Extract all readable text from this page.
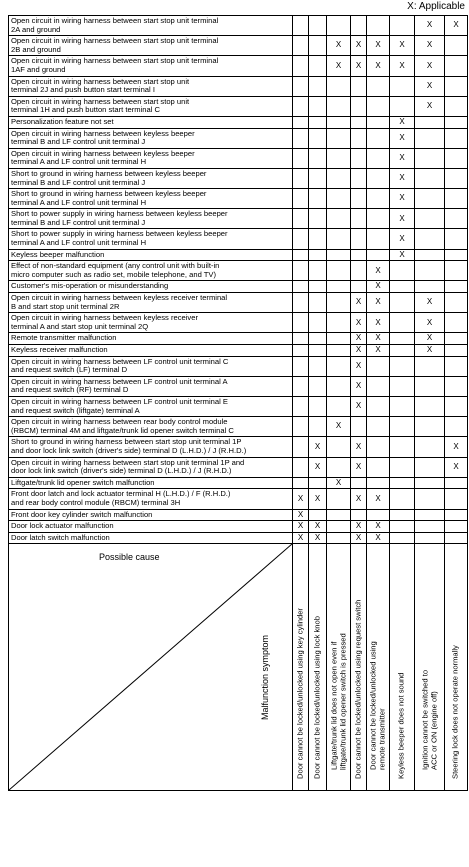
X: Applicable
Open circuit in wiring harness between start stop unit terminal
2A and ground							X	X
Open circuit in wiring harness between start stop unit terminal
2B and ground			X	X	X	X	X	
Open circuit in wiring harness between start stop unit terminal
1AF and ground			X	X	X	X	X	
Open circuit in wiring harness between start stop unit
terminal 2J and push button start terminal I							X	
Open circuit in wiring harness between start stop unit
terminal 1H and push button start terminal C							X	
Personalization feature not set						X		
Open circuit in wiring harness between keyless beeper
terminal B and LF control unit terminal J						X		
Open circuit in wiring harness between keyless beeper
terminal A and LF control unit terminal H						X		
Short to ground in wiring harness between keyless beeper
terminal B and LF control unit terminal J						X		
Short to ground in wiring harness between keyless beeper
terminal A and LF control unit terminal H						X		
Short to power supply in wiring harness between keyless beeper
terminal B and LF control unit terminal J						X		
Short to power supply in wiring harness between keyless beeper
terminal A and LF control unit terminal H						X		
Keyless beeper malfunction						X		
Effect of non-standard equipment (any control unit with built-in
micro computer such as radio set, mobile telephone, and TV)					X			
Customer's mis-operation or misunderstanding					X			
Open circuit in wiring harness between keyless receiver terminal
B and start stop unit terminal 2R				X	X		X	
Open circuit in wiring harness between keyless receiver
terminal A and start stop unit terminal 2Q				X	X		X	
Remote transmitter malfunction				X	X		X	
Keyless receiver malfunction				X	X		X	
Open circuit in wiring harness between LF control unit terminal C
and request switch (LF) terminal D				X				
Open circuit in wiring harness between LF control unit terminal A
and request switch (RF) terminal D				X				
Open circuit in wiring harness between LF control unit terminal E
and request switch (liftgate) terminal A				X				
Open circuit in wiring harness between rear body control module
(RBCM) terminal 4M and liftgate/trunk lid opener switch terminal C			X					
Short to ground in wiring harness between start stop unit terminal 1P
and door lock link switch (driver's side) terminal D (L.H.D.) / J (R.H.D.)		X		X				X
Open circuit in wiring harness between start stop unit terminal 1P and
door lock link switch (driver's side) terminal D (L.H.D.) / J (R.H.D.)		X		X				X
Liftgate/trunk lid opener switch malfunction			X					
Front door latch and lock actuator terminal H (L.H.D.) / F (R.H.D.)
and rear body control module (RBCM) terminal 3H	X	X		X	X			
Front door key cylinder switch malfunction	X							
Door lock actuator malfunction	X	X		X	X			
Door latch switch malfunction	X	X		X	X			

Possible cause
Malfunction symptom	Door cannot be locked/unlocked using key cylinder	Door cannot be locked/unlocked using lock knob	Liftgate/trunk lid does not open even if
liftgate/trunk lid opener switch is pressed	Door cannot be locked/unlocked using request switch	Door cannot be locked/unlocked using
remote transmitter	Keyless beeper does not sound	Ignition cannot be switched to
ACC or ON (engine off)	Steering lock does not operate normally
